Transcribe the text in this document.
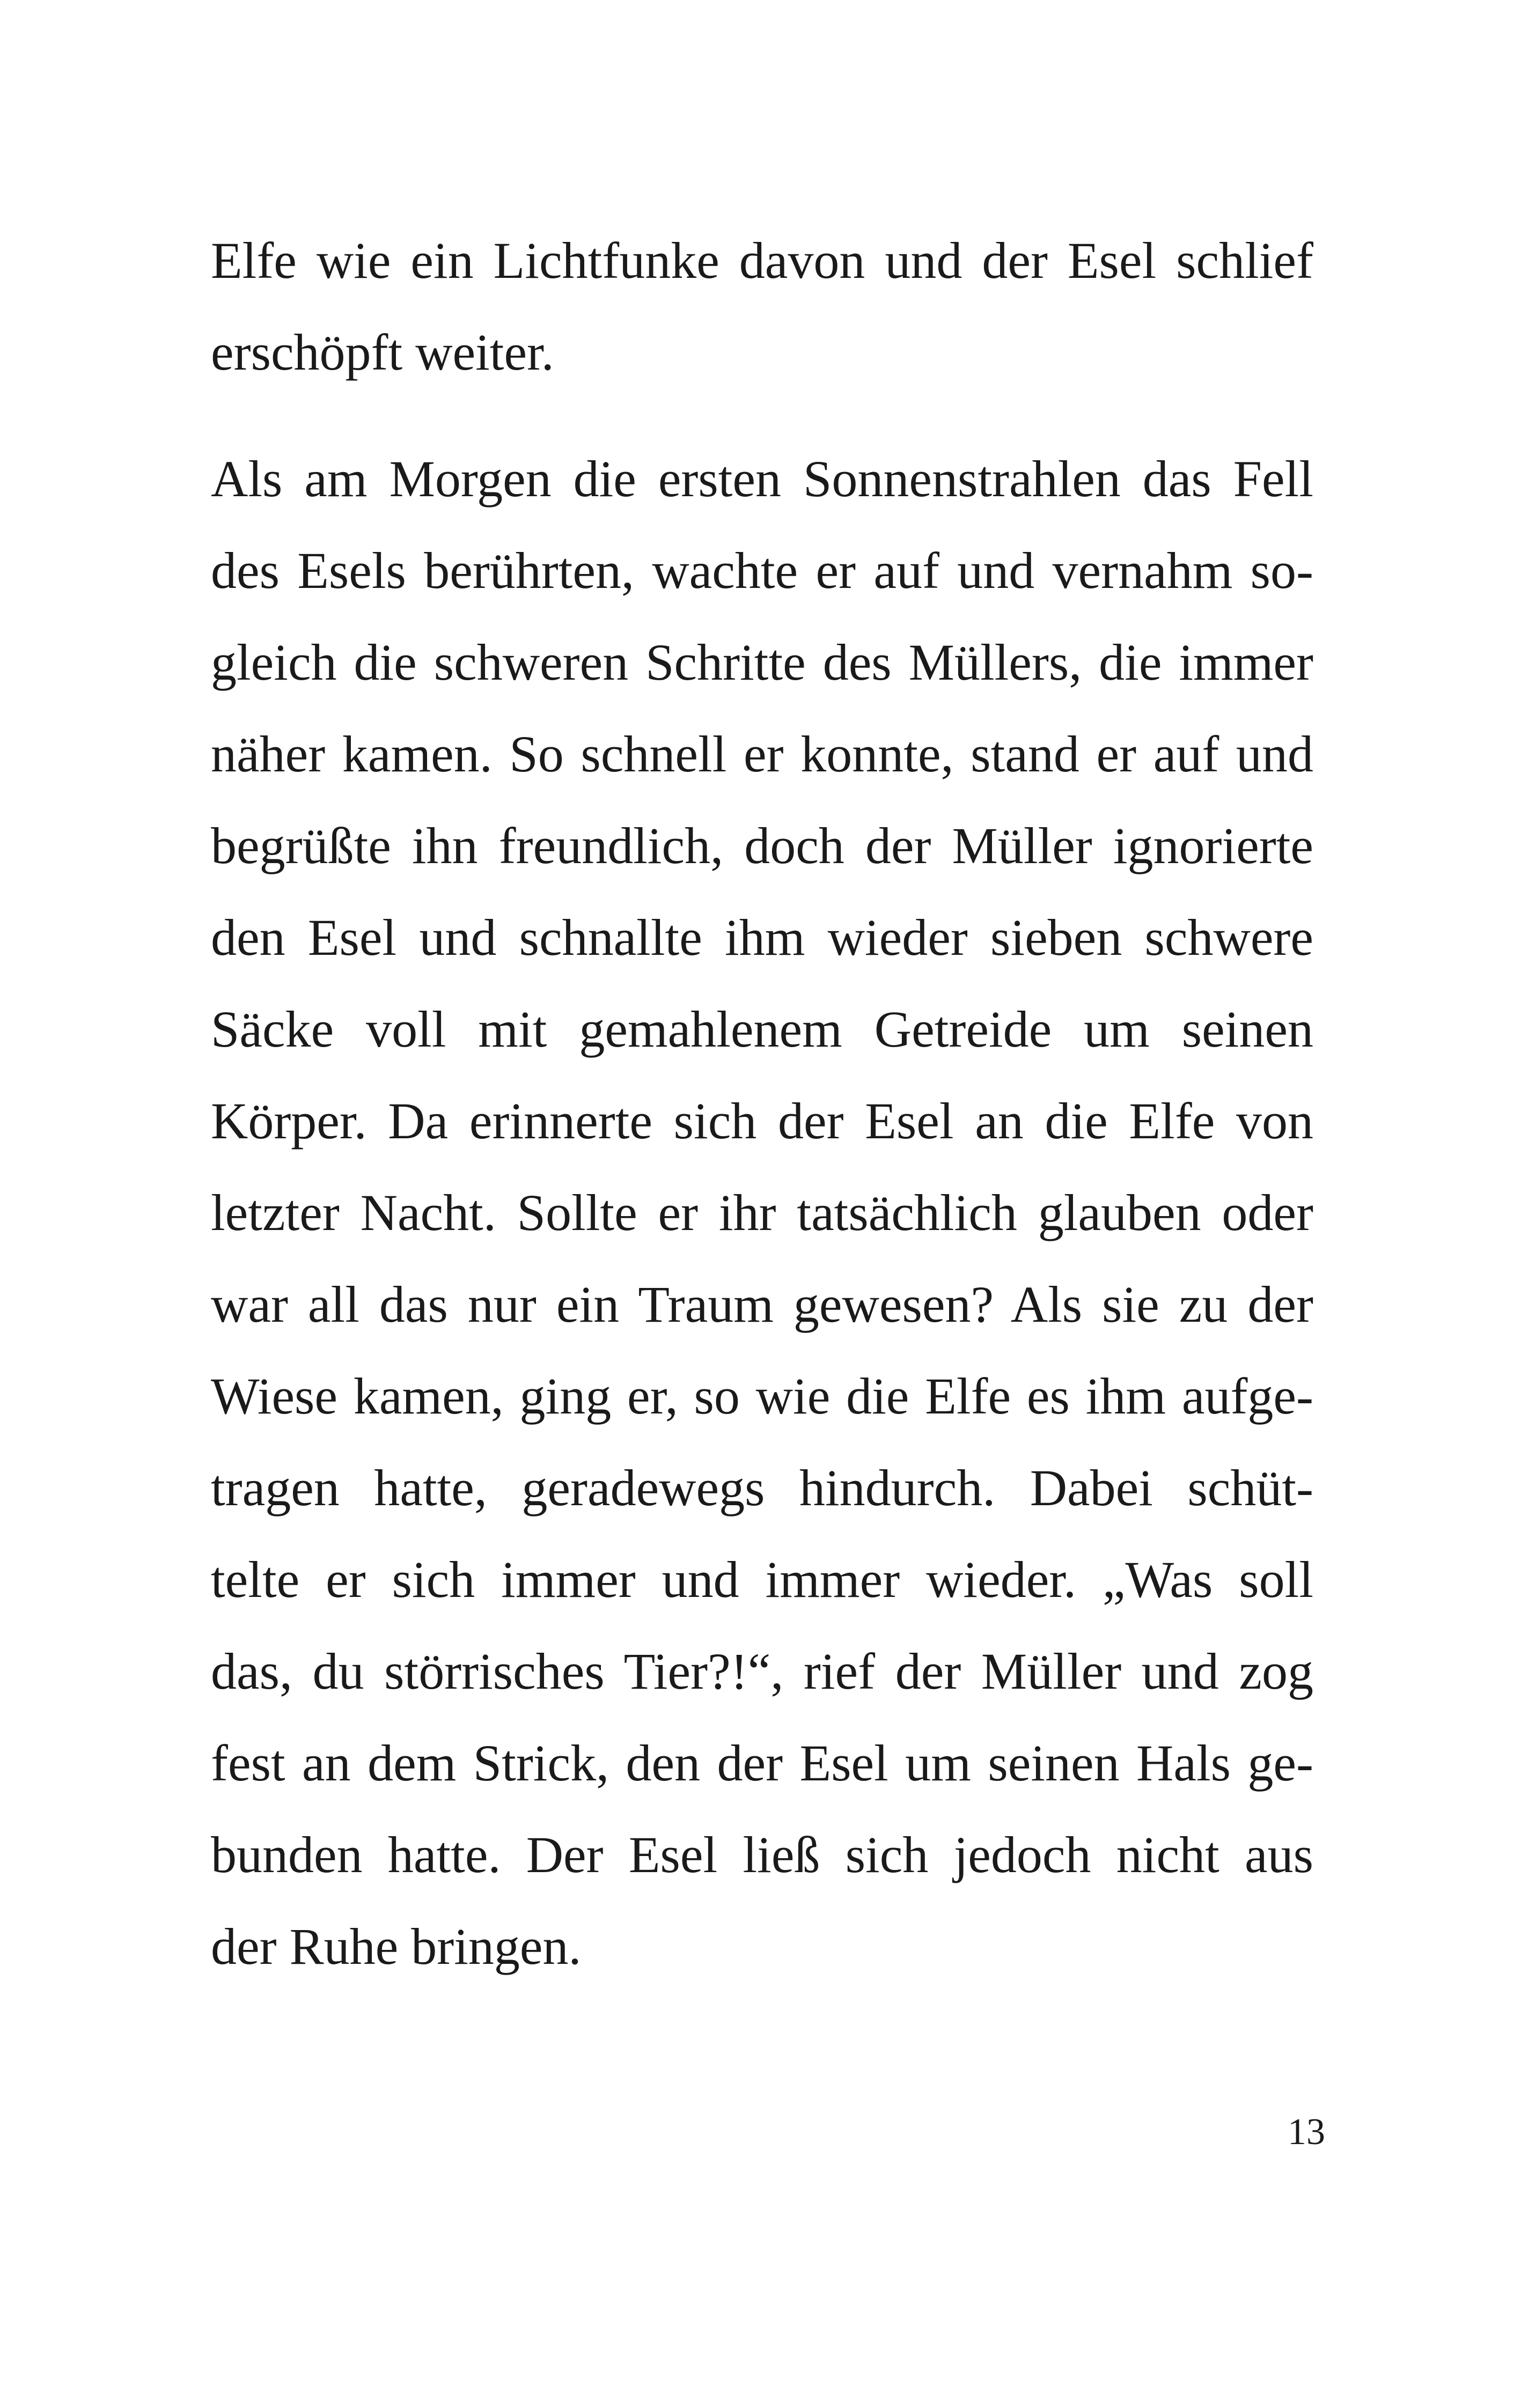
Elfe wie ein Lichtfunke davon und der Esel schlief
erschöpft weiter.
Als am Morgen die ersten Sonnenstrahlen das Fell
des Esels berührten, wachte er auf und vernahm so-
gleich die schweren Schritte des Müllers, die immer
näher kamen. So schnell er konnte, stand er auf und
begrüßte ihn freundlich, doch der Müller ignorierte
den Esel und schnallte ihm wieder sieben schwere
Säcke voll mit gemahlenem Getreide um seinen
Körper. Da erinnerte sich der Esel an die Elfe von
letzter Nacht. Sollte er ihr tatsächlich glauben oder
war all das nur ein Traum gewesen? Als sie zu der
Wiese kamen, ging er, so wie die Elfe es ihm aufge-
tragen hatte, geradewegs hindurch. Dabei schüt-
telte er sich immer und immer wieder. „Was soll
das, du störrisches Tier?!“, rief der Müller und zog
fest an dem Strick, den der Esel um seinen Hals ge-
bunden hatte. Der Esel ließ sich jedoch nicht aus
der Ruhe bringen.
13
